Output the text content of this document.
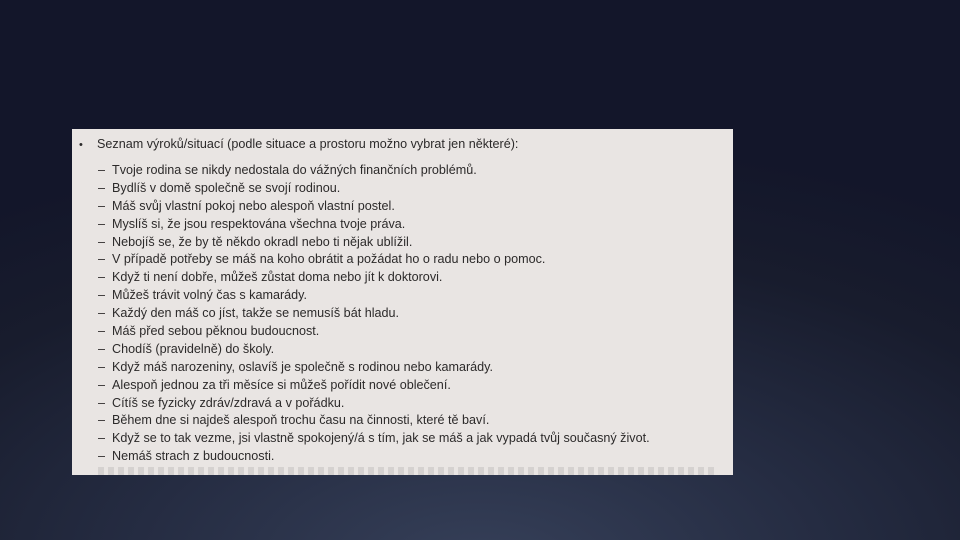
•	Seznam výroků/situací (podle situace a prostoru možno vybrat jen některé):
– Tvoje rodina se nikdy nedostala do vážných finančních problémů.
– Bydlíš v domě společně se svojí rodinou.
– Máš svůj vlastní pokoj nebo alespoň vlastní postel.
– Myslíš si, že jsou respektována všechna tvoje práva.
– Nebojíš se, že by tě někdo okradl nebo ti nějak ublížil.
– V případě potřeby se máš na koho obrátit a požádat ho o radu nebo o pomoc.
– Když ti není dobře, můžeš zůstat doma nebo jít k doktorovi.
– Můžeš trávit volný čas s kamarády.
– Každý den máš co jíst, takže se nemusíš bát hladu.
– Máš před sebou pěknou budoucnost.
– Chodíš (pravidelně) do školy.
– Když máš narozeniny, oslavíš je společně s rodinou nebo kamarády.
– Alespoň jednou za tři měsíce si můžeš pořídit nové oblečení.
– Cítíš se fyzicky zdráv/zdravá a v pořádku.
– Během dne si najdeš alespoň trochu času na činnosti, které tě baví.
– Když se to tak vezme, jsi vlastně spokojený/á s tím, jak se máš a jak vypadá tvůj současný život.
– Nemáš strach z budoucnosti.
